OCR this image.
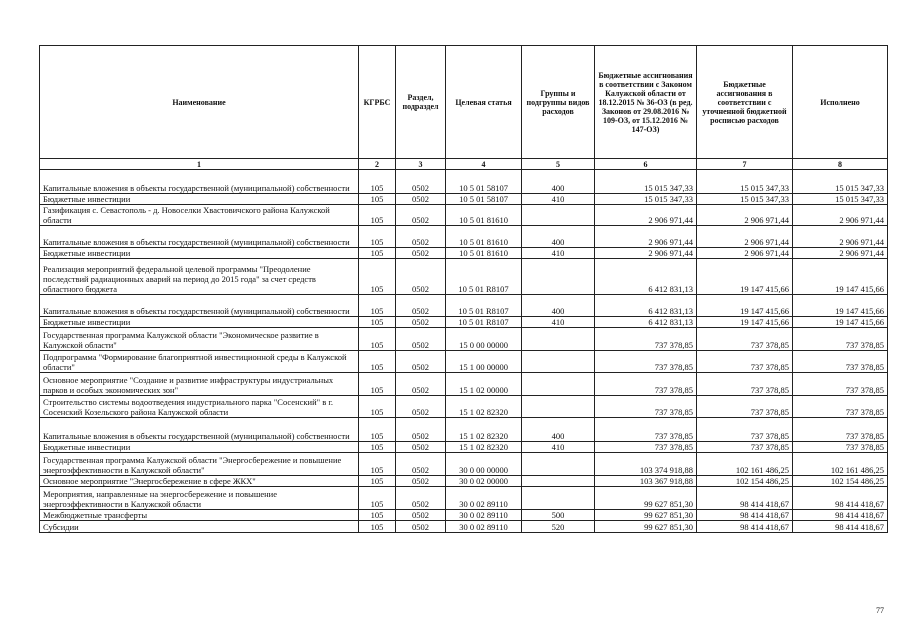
Наименование	КГРБС	Раздел, подраздел	Целевая статья	Группы и подгруппы видов расходов	Бюджетные ассигнования в соответствии с Законом Калужской области от 18.12.2015 № 36-ОЗ (в ред. Законов от 29.08.2016 № 109-ОЗ, от 15.12.2016 № 147-ОЗ)	Бюджетные ассигнования в соответствии с уточненной бюджетной росписью расходов	Исполнено
1	2	3	4	5	6	7	8
Капитальные вложения в объекты государственной (муниципальной) собственности	105	0502	10 5 01 58107	400	15 015 347,33	15 015 347,33	15 015 347,33
Бюджетные инвестиции	105	0502	10 5 01 58107	410	15 015 347,33	15 015 347,33	15 015 347,33
Газификация с. Севастополь - д. Новоселки Хвастовичского района Калужской области	105	0502	10 5 01 81610		2 906 971,44	2 906 971,44	2 906 971,44
Капитальные вложения в объекты государственной (муниципальной) собственности	105	0502	10 5 01 81610	400	2 906 971,44	2 906 971,44	2 906 971,44
Бюджетные инвестиции	105	0502	10 5 01 81610	410	2 906 971,44	2 906 971,44	2 906 971,44
Реализация мероприятий федеральной целевой программы "Преодоление последствий радиационных аварий на период до 2015 года" за счет средств областного бюджета	105	0502	10 5 01 R8107		6 412 831,13	19 147 415,66	19 147 415,66
Капитальные вложения в объекты государственной (муниципальной) собственности	105	0502	10 5 01 R8107	400	6 412 831,13	19 147 415,66	19 147 415,66
Бюджетные инвестиции	105	0502	10 5 01 R8107	410	6 412 831,13	19 147 415,66	19 147 415,66
Государственная программа Калужской области "Экономическое развитие в Калужской области"	105	0502	15 0 00 00000		737 378,85	737 378,85	737 378,85
Подпрограмма "Формирование благоприятной инвестиционной среды в Калужской области"	105	0502	15 1 00 00000		737 378,85	737 378,85	737 378,85
Основное мероприятие "Создание и развитие инфраструктуры индустриальных парков и особых экономических зон"	105	0502	15 1 02 00000		737 378,85	737 378,85	737 378,85
Строительство системы водоотведения индустриального парка "Сосенский" в г. Сосенский Козельского района Калужской области	105	0502	15 1 02 82320		737 378,85	737 378,85	737 378,85
Капитальные вложения в объекты государственной (муниципальной) собственности	105	0502	15 1 02 82320	400	737 378,85	737 378,85	737 378,85
Бюджетные инвестиции	105	0502	15 1 02 82320	410	737 378,85	737 378,85	737 378,85
Государственная программа Калужской области "Энергосбережение и повышение энергоэффективности в Калужской области"	105	0502	30 0 00 00000		103 374 918,88	102 161 486,25	102 161 486,25
Основное мероприятие "Энергосбережение в сфере ЖКХ"	105	0502	30 0 02 00000		103 367 918,88	102 154 486,25	102 154 486,25
Мероприятия, направленные на энергосбережение и повышение энергоэффективности в Калужской области	105	0502	30 0 02 89110		99 627 851,30	98 414 418,67	98 414 418,67
Межбюджетные трансферты	105	0502	30 0 02 89110	500	99 627 851,30	98 414 418,67	98 414 418,67
Субсидии	105	0502	30 0 02 89110	520	99 627 851,30	98 414 418,67	98 414 418,67
77
